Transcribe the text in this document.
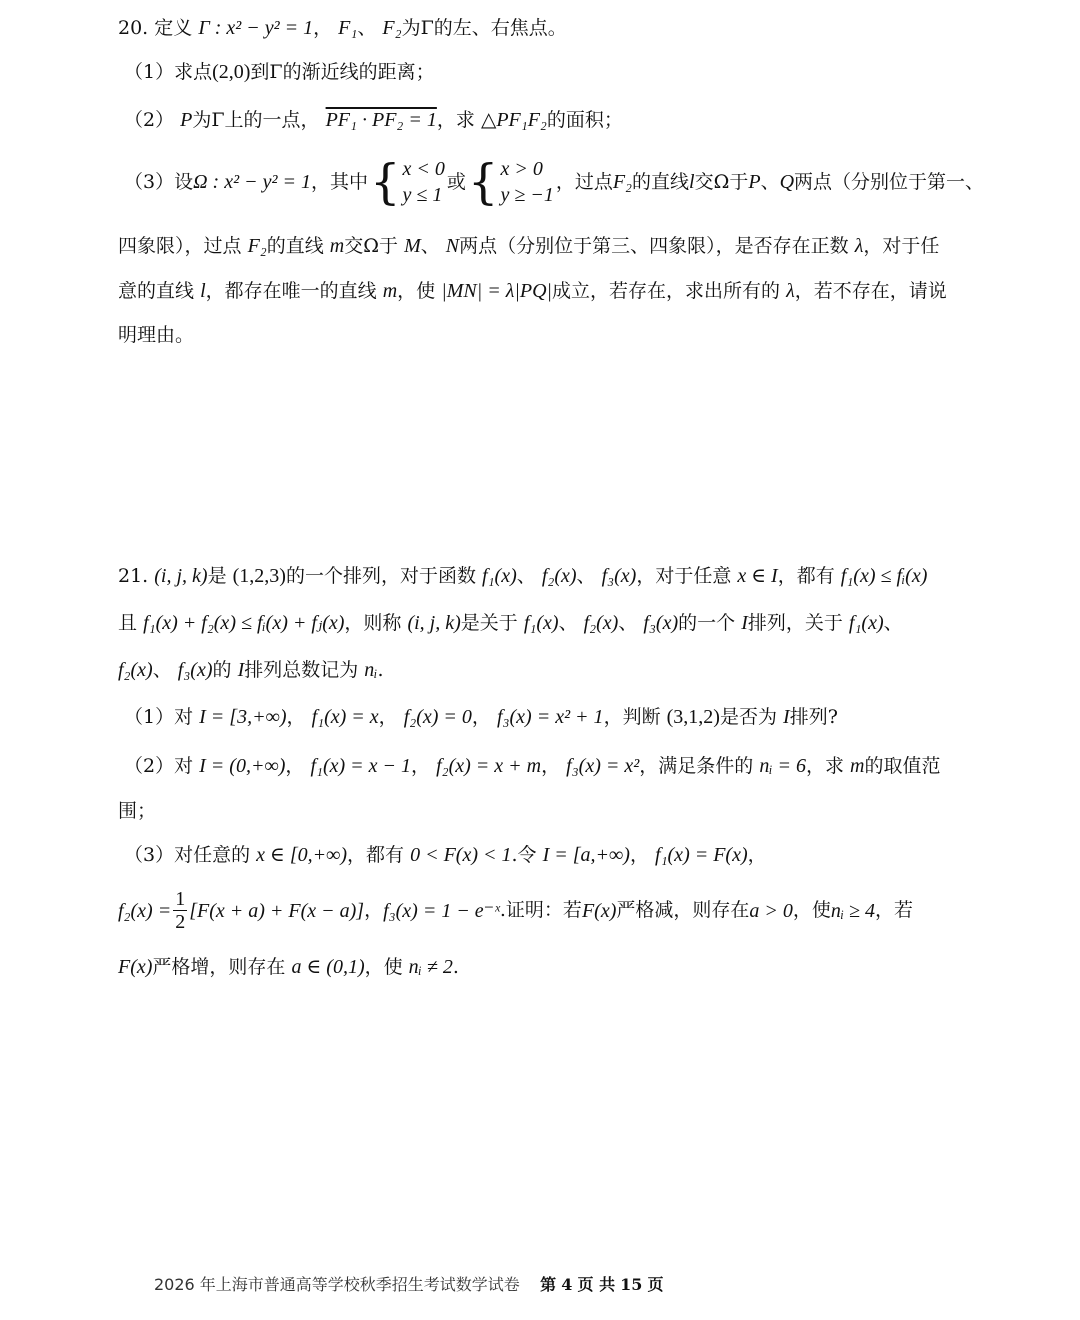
20. 定义 Γ : x² − y² = 1， F₁、 F₂为Γ的左、右焦点。
（1）求点(2,0)到Γ的渐近线的距离；
（2） P为Γ上的一点， PF₁ · PF₂ = 1，求 △PF₁F₂的面积；
（3）设 Ω : x² − y² = 1 ，其中 { x < 0
y ≤ 1
或 { x > 0
y ≥ −1
，过点 F₂ 的直线 l 交Ω于 P 、 Q 两点（分别位于第一、
四象限），过点 F₂的直线 m交Ω于 M、 N两点（分别位于第三、四象限），是否存在正数 λ，对于任
意的直线 l，都存在唯一的直线 m，使 |MN| = λ|PQ|成立，若存在，求出所有的 λ，若不存在，请说
明理由。
21. (i, j, k)是 (1,2,3)的一个排列，对于函数 f₁(x)、 f₂(x)、 f₃(x)，对于任意 x ∈ I，都有 f₁(x) ≤ fᵢ(x)
且 f₁(x) + f₂(x) ≤ fᵢ(x) + fⱼ(x)，则称 (i, j, k)是关于 f₁(x)、 f₂(x)、 f₃(x)的一个 I排列，关于 f₁(x)、
f₂(x)、 f₃(x)的 I排列总数记为 nᵢ.
（1）对 I = [3,+∞)， f₁(x) = x， f₂(x) = 0， f₃(x) = x² + 1，判断 (3,1,2)是否为 I排列?
（2）对 I = (0,+∞)， f₁(x) = x − 1， f₂(x) = x + m， f₃(x) = x²，满足条件的 nᵢ = 6，求 m的取值范
围；
（3）对任意的 x ∈ [0,+∞)，都有 0 < F(x) < 1.令 I = [a,+∞)， f₁(x) = F(x)，
$f_2(x) = \frac{1}{2} [F(x + a) + F(x - a)]$ ， f₃(x) = 1 − e⁻ˣ .证明：若 F(x) 严格减，则存在 a > 0 ，使 nᵢ ≥ 4 ，若
F(x)严格增，则存在 a ∈ (0,1)，使 nᵢ ≠ 2.
2026 年上海市普通高等学校秋季招生考试数学试卷 第 4 页 共 15 页
